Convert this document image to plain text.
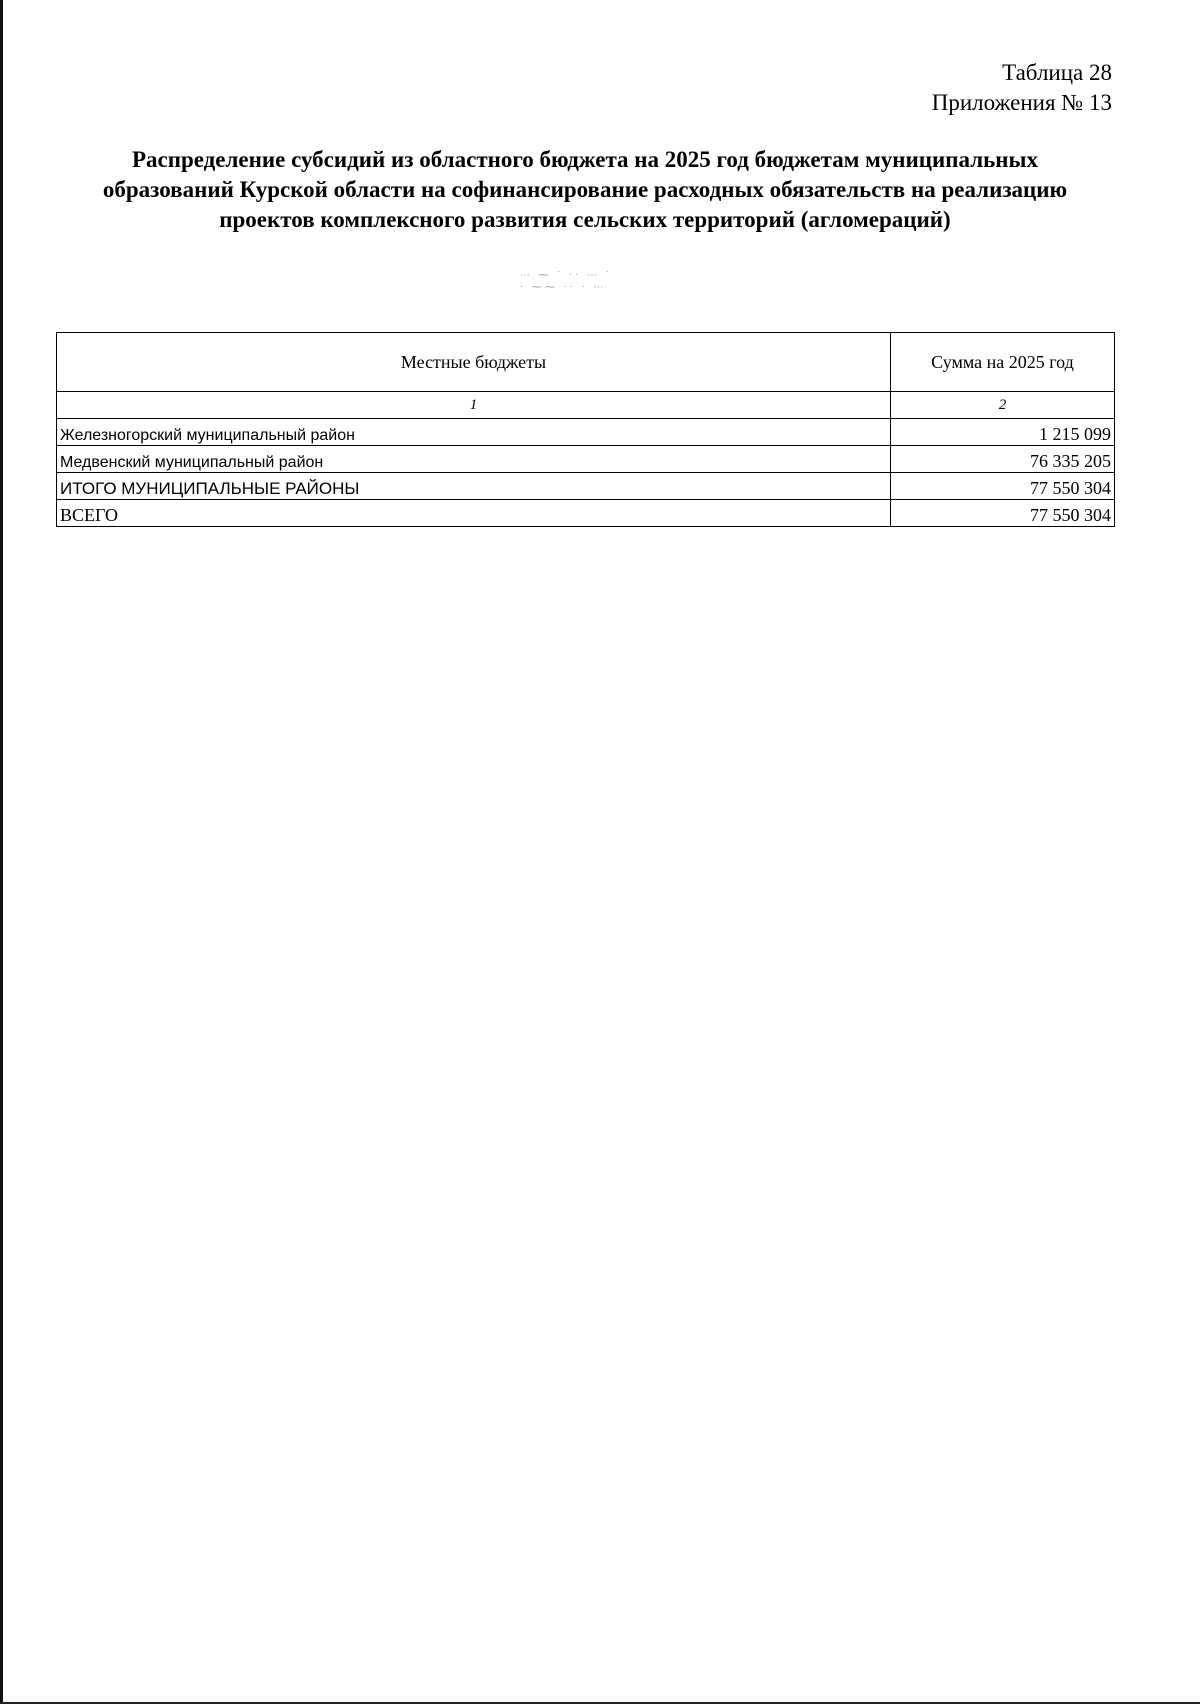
Таблица 28
Приложения № 13
Распределение субсидий из областного бюджета на 2025 год бюджетам муниципальных
образований Курской области на софинансирование расходных обязательств на реализацию
проектов комплексного развития сельских территорий (агломераций)
⋯ ⁓ ˙ ·· ⋯ ˙
· ⁓⁓ ·· · ⋯
Местные бюджеты	Сумма на 2025 год
1	2
Железногорский муниципальный район	1 215 099
Медвенский муниципальный район	76 335 205
ИТОГО МУНИЦИПАЛЬНЫЕ РАЙОНЫ	77 550 304
ВСЕГО	77 550 304
